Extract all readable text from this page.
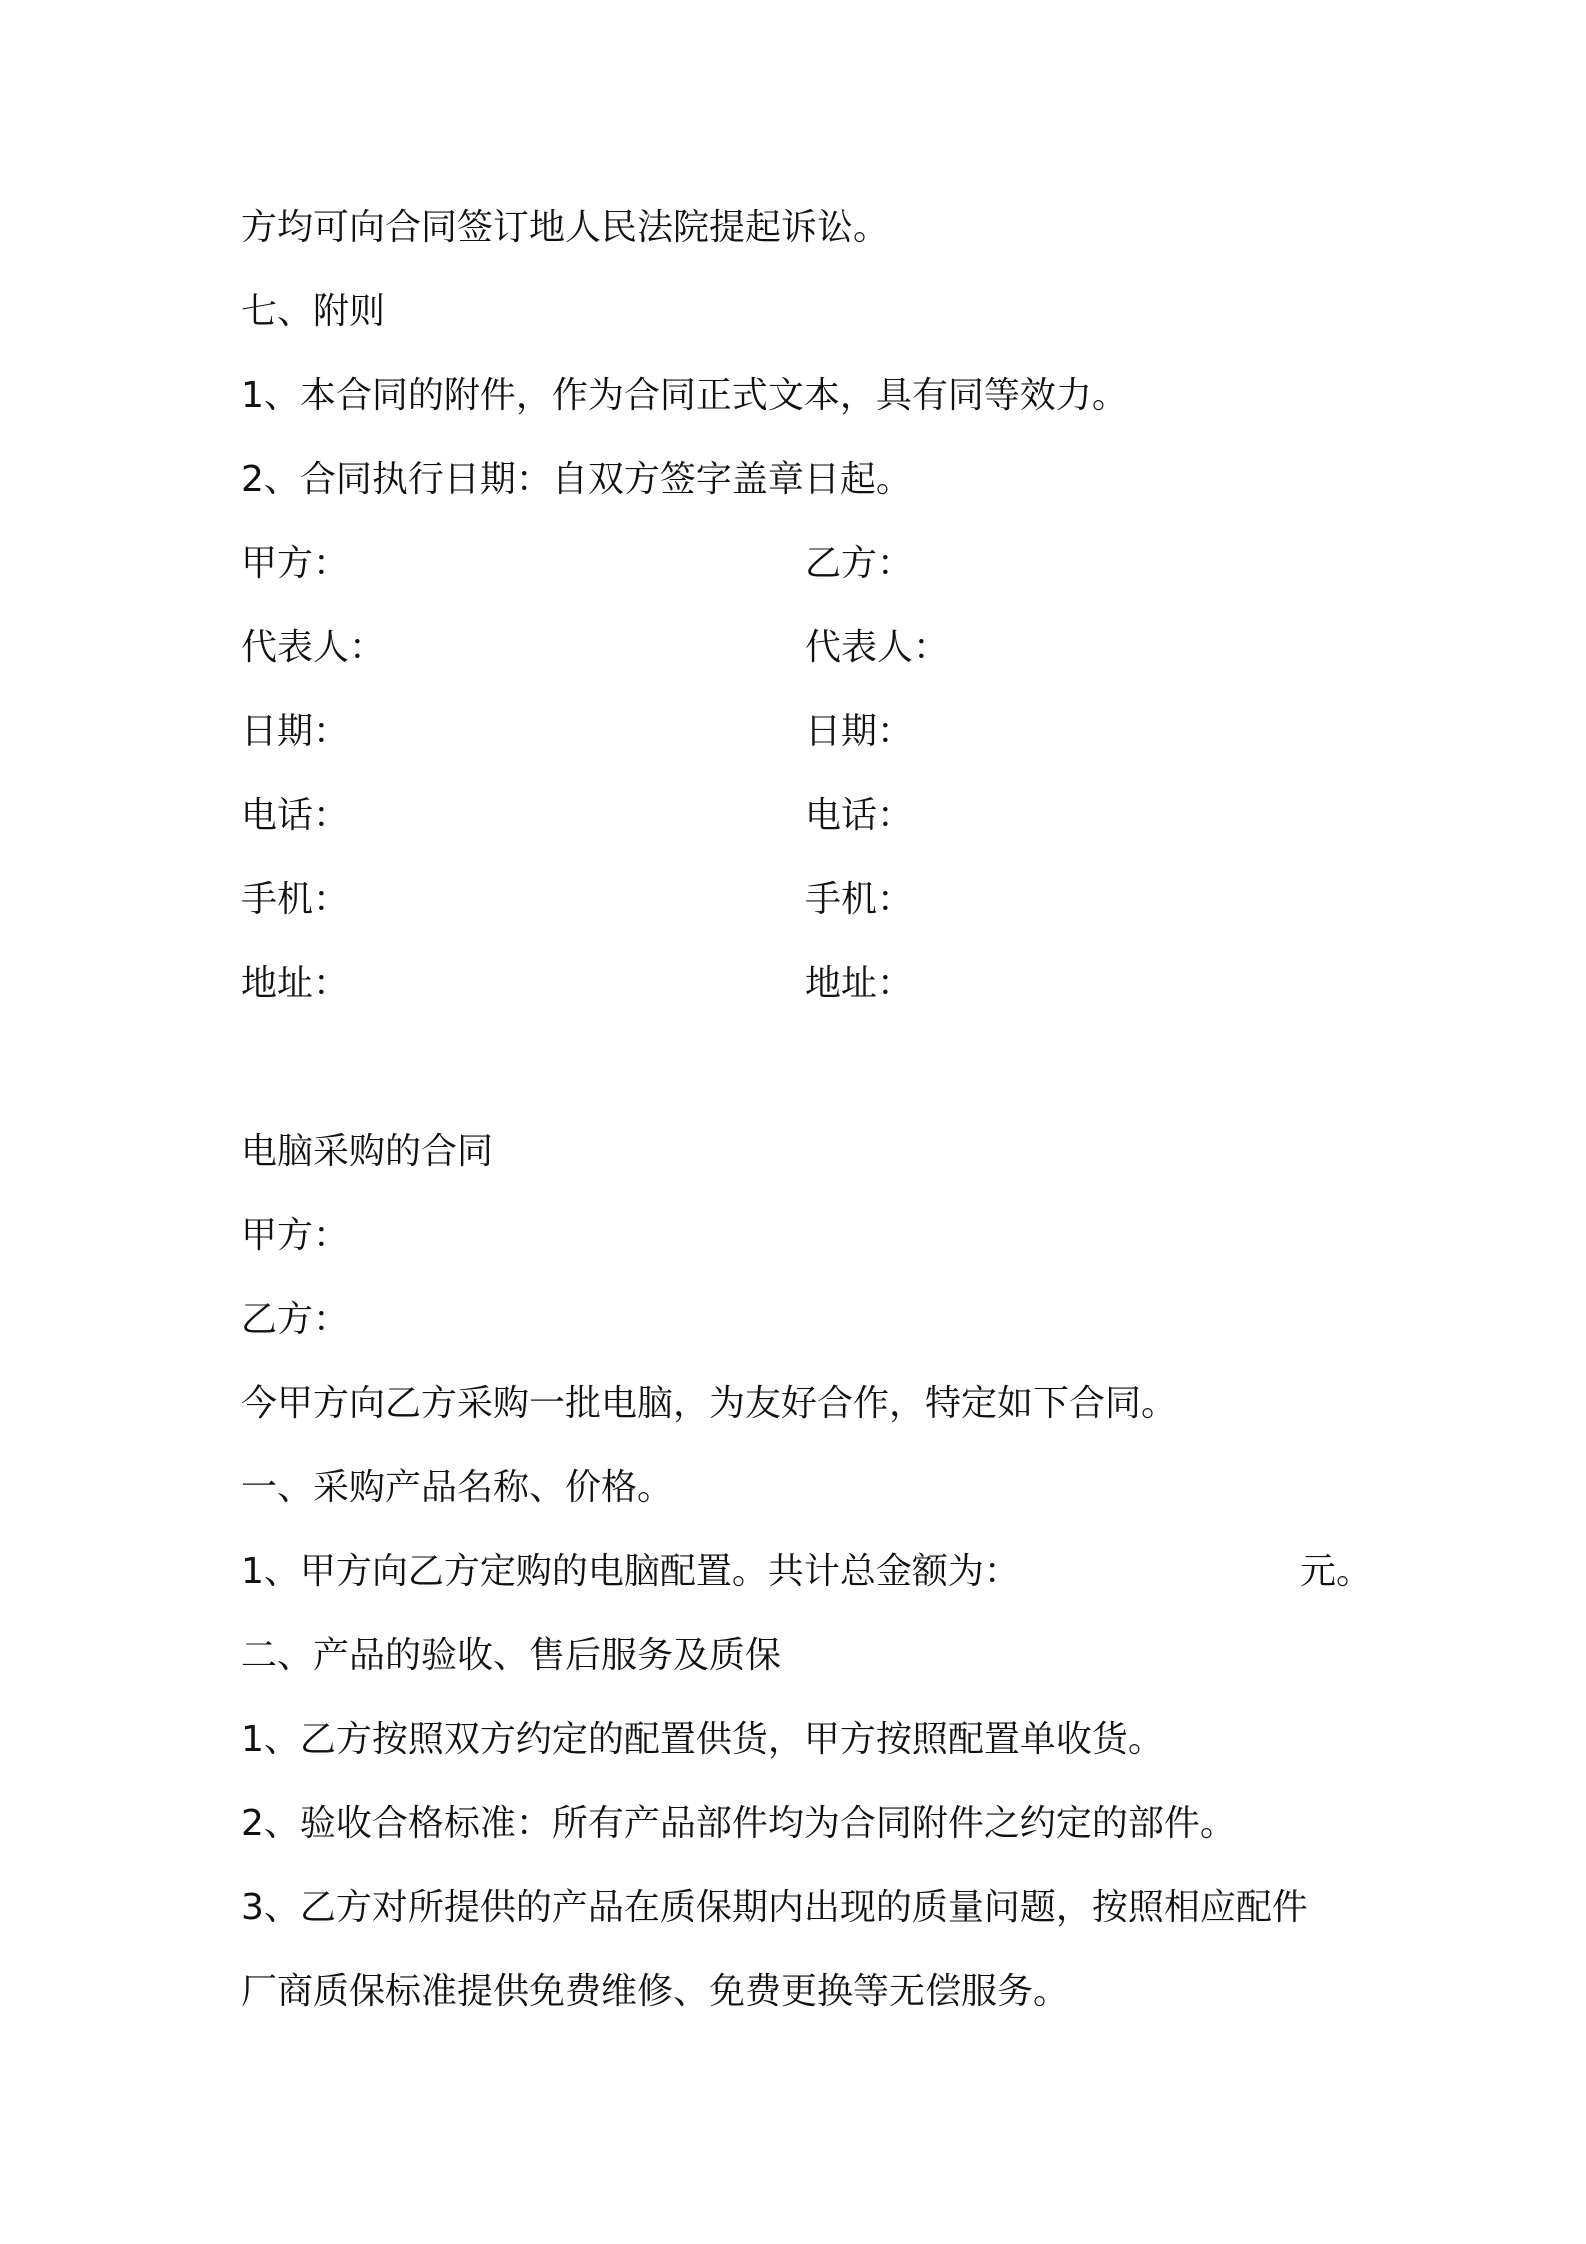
方均可向合同签订地人民法院提起诉讼。
七、附则
1、本合同的附件，作为合同正式文本，具有同等效力。
2、合同执行日期：自双方签字盖章日起。
甲方：	乙方：
代表人：	代表人：
日期：	日期：
电话：	电话：
手机：	手机：
地址：	地址：
电脑采购的合同
甲方：
乙方：
今甲方向乙方采购一批电脑，为友好合作，特定如下合同。
一、采购产品名称、价格。
1、甲方向乙方定购的电脑配置。共计总金额为：	元。
二、产品的验收、售后服务及质保
1、乙方按照双方约定的配置供货，甲方按照配置单收货。
2、验收合格标准：所有产品部件均为合同附件之约定的部件。
3、乙方对所提供的产品在质保期内出现的质量问题，按照相应配件
厂商质保标准提供免费维修、免费更换等无偿服务。
